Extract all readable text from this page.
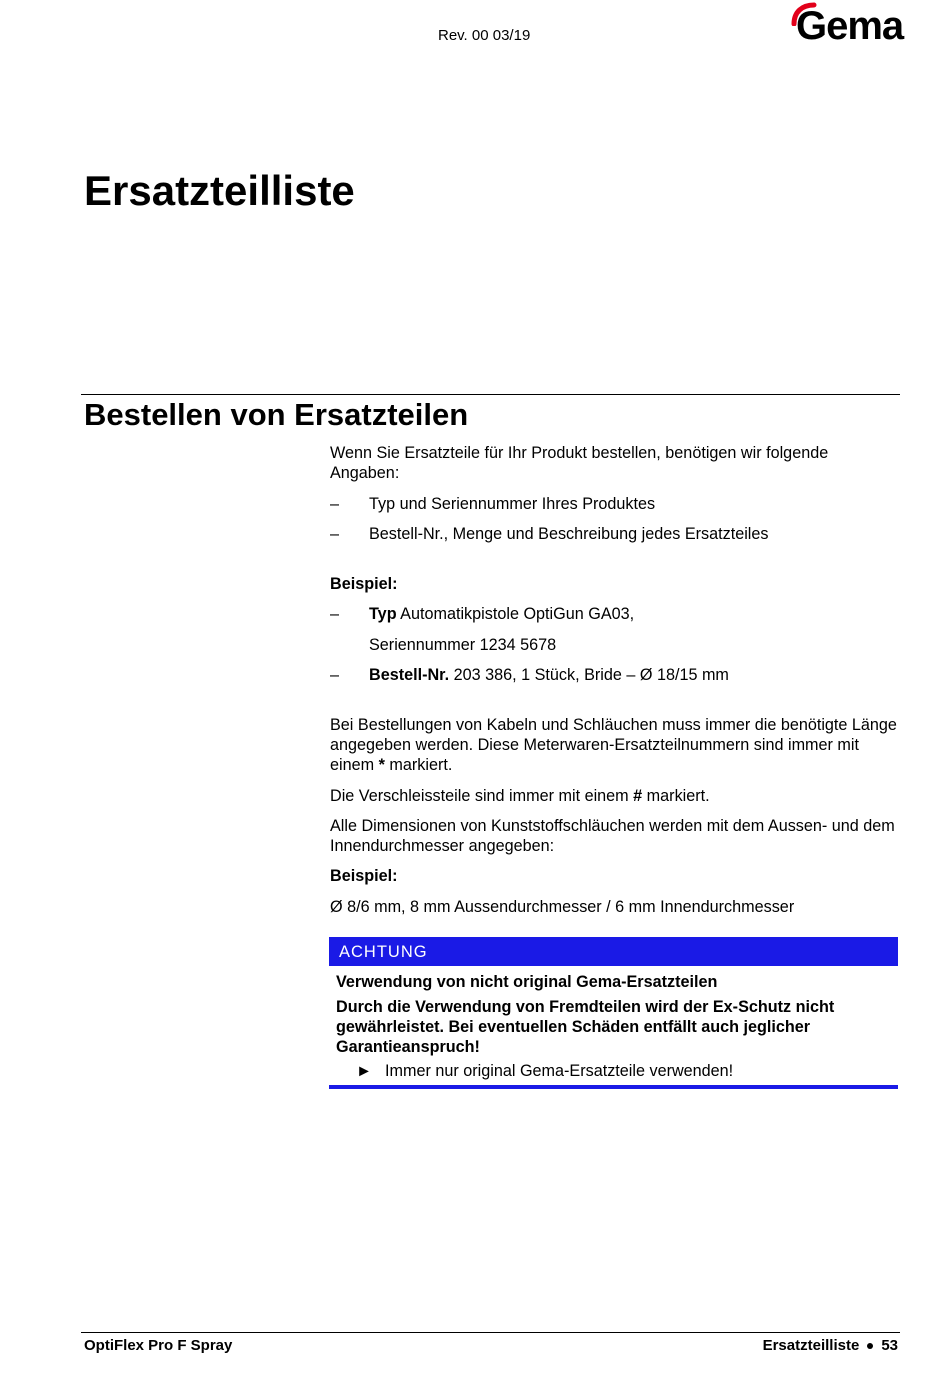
Rev. 00 03/19	Gema
Ersatzteilliste
Bestellen von Ersatzteilen
Wenn Sie Ersatzteile für Ihr Produkt bestellen, benötigen wir folgende Angaben:
– Typ und Seriennummer Ihres Produktes
– Bestell-Nr., Menge und Beschreibung jedes Ersatzteiles
Beispiel:
– Typ Automatikpistole OptiGun GA03,
Seriennummer 1234 5678
– Bestell-Nr. 203 386, 1 Stück, Bride – Ø 18/15 mm
Bei Bestellungen von Kabeln und Schläuchen muss immer die benötigte Länge angegeben werden. Diese Meterwaren-Ersatzteilnummern sind immer mit einem * markiert.
Die Verschleissteile sind immer mit einem # markiert.
Alle Dimensionen von Kunststoffschläuchen werden mit dem Aussen- und dem Innendurchmesser angegeben:
Beispiel:
Ø 8/6 mm, 8 mm Aussendurchmesser / 6 mm Innendurchmesser
ACHTUNG
Verwendung von nicht original Gema-Ersatzteilen
Durch die Verwendung von Fremdteilen wird der Ex-Schutz nicht gewährleistet. Bei eventuellen Schäden entfällt auch jeglicher Garantieanspruch!
► Immer nur original Gema-Ersatzteile verwenden!
OptiFlex Pro F Spray	Ersatzteilliste 53
